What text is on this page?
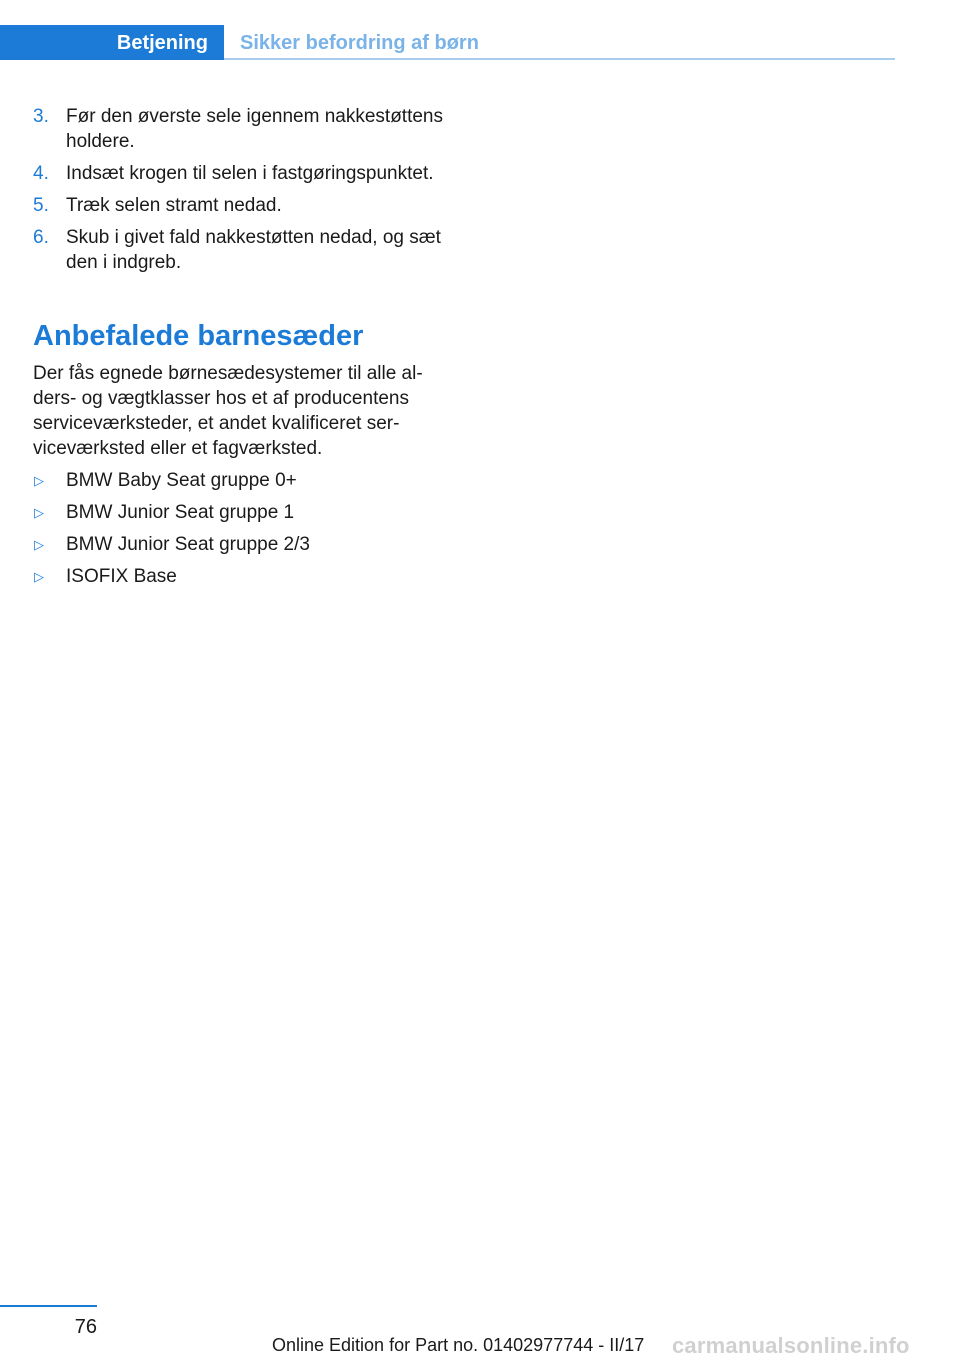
Betjening Sikker befordring af børn
3. Før den øverste sele igennem nakkestøttens holdere.
4. Indsæt krogen til selen i fastgøringspunktet.
5. Træk selen stramt nedad.
6. Skub i givet fald nakkestøtten nedad, og sæt den i indgreb.
Anbefalede barnesæder

Der fås egnede børnesædesystemer til alle alders- og vægtklasser hos et af producentens serviceværksteder, et andet kvalificeret serviceværksted eller et fagværksted.

▷ BMW Baby Seat gruppe 0+
▷ BMW Junior Seat gruppe 1
▷ BMW Junior Seat gruppe 2/3
▷ ISOFIX Base
76
Online Edition for Part no. 01402977744 - II/17 carmanualsonline.info
